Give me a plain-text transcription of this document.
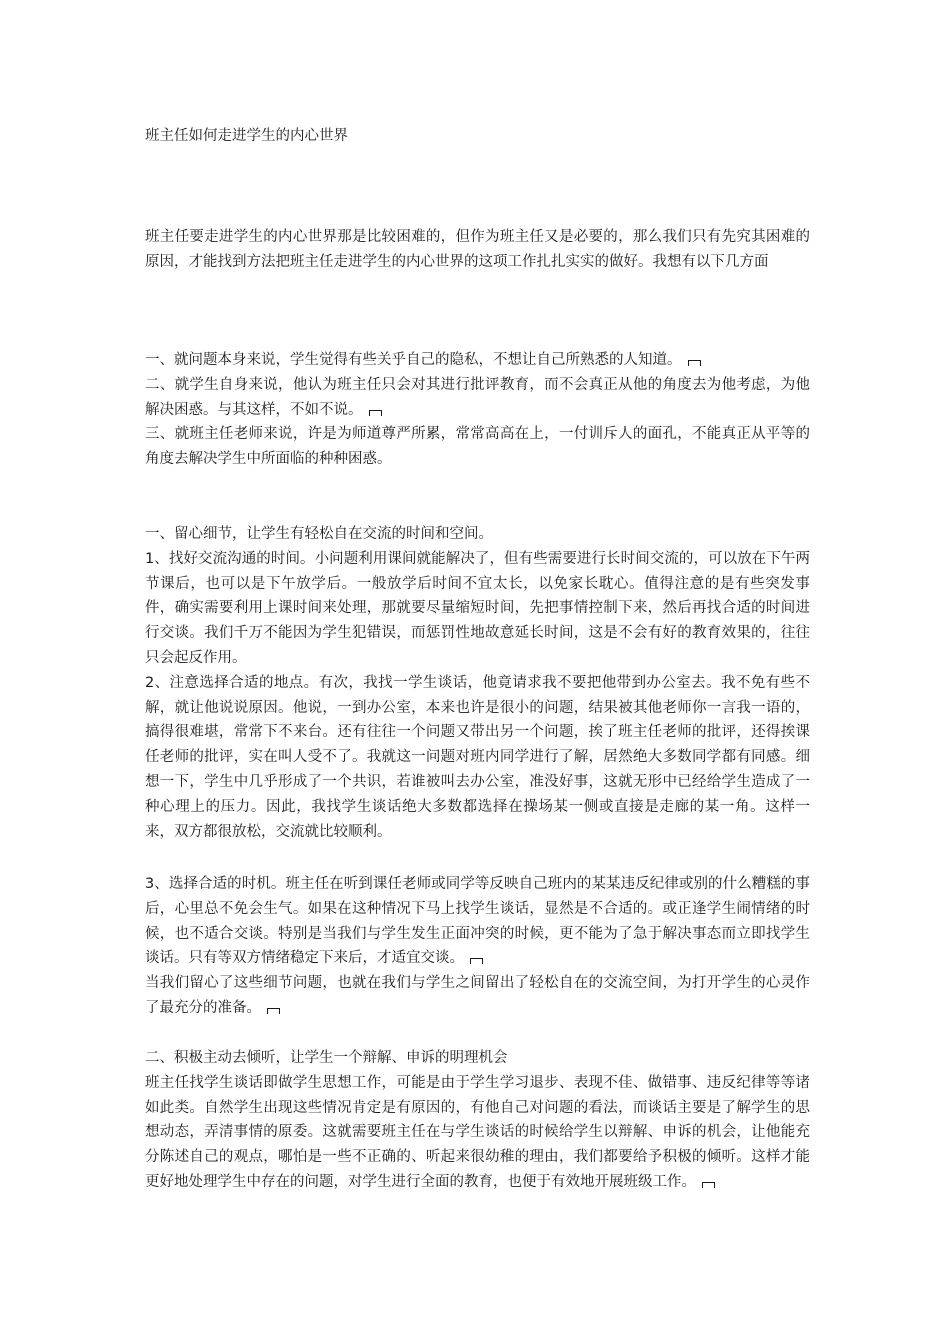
班主任如何走进学生的内心世界

班主任要走进学生的内心世界那是比较困难的，但作为班主任又是必要的，那么我们只有先究其困难的原因，才能找到方法把班主任走进学生的内心世界的这项工作扎扎实实的做好。我想有以下几方面

一、就问题本身来说，学生觉得有些关乎自己的隐私，不想让自己所熟悉的人知道。

二、就学生自身来说，他认为班主任只会对其进行批评教育，而不会真正从他的角度去为他考虑，为他解决困惑。与其这样，不如不说。

三、就班主任老师来说，许是为师道尊严所累，常常高高在上，一付训斥人的面孔，不能真正从平等的角度去解决学生中所面临的种种困惑。

一、留心细节，让学生有轻松自在交流的时间和空间。

1、找好交流沟通的时间。小问题利用课间就能解决了，但有些需要进行长时间交流的，可以放在下午两节课后，也可以是下午放学后。一般放学后时间不宜太长，以免家长耽心。值得注意的是有些突发事件，确实需要利用上课时间来处理，那就要尽量缩短时间，先把事情控制下来，然后再找合适的时间进行交谈。我们千万不能因为学生犯错误，而惩罚性地故意延长时间，这是不会有好的教育效果的，往往只会起反作用。

2、注意选择合适的地点。有次，我找一学生谈话，他竟请求我不要把他带到办公室去。我不免有些不解，就让他说说原因。他说，一到办公室，本来也许是很小的问题，结果被其他老师你一言我一语的，搞得很难堪，常常下不来台。还有往往一个问题又带出另一个问题，挨了班主任老师的批评，还得挨课任老师的批评，实在叫人受不了。我就这一问题对班内同学进行了解，居然绝大多数同学都有同感。细想一下，学生中几乎形成了一个共识，若谁被叫去办公室，准没好事，这就无形中已经给学生造成了一种心理上的压力。因此，我找学生谈话绝大多数都选择在操场某一侧或直接是走廊的某一角。这样一来，双方都很放松，交流就比较顺利。

3、选择合适的时机。班主任在听到课任老师或同学等反映自己班内的某某违反纪律或别的什么糟糕的事后，心里总不免会生气。如果在这种情况下马上找学生谈话，显然是不合适的。或正逢学生闹情绪的时候，也不适合交谈。特别是当我们与学生发生正面冲突的时候，更不能为了急于解决事态而立即找学生谈话。只有等双方情绪稳定下来后，才适宜交谈。

当我们留心了这些细节问题，也就在我们与学生之间留出了轻松自在的交流空间，为打开学生的心灵作了最充分的准备。

二、积极主动去倾听，让学生一个辩解、申诉的明理机会

班主任找学生谈话即做学生思想工作，可能是由于学生学习退步、表现不佳、做错事、违反纪律等等诸如此类。自然学生出现这些情况肯定是有原因的，有他自己对问题的看法，而谈话主要是了解学生的思想动态，弄清事情的原委。这就需要班主任在与学生谈话的时候给学生以辩解、申诉的机会，让他能充分陈述自己的观点，哪怕是一些不正确的、听起来很幼稚的理由，我们都要给予积极的倾听。这样才能更好地处理学生中存在的问题，对学生进行全面的教育，也便于有效地开展班级工作。
